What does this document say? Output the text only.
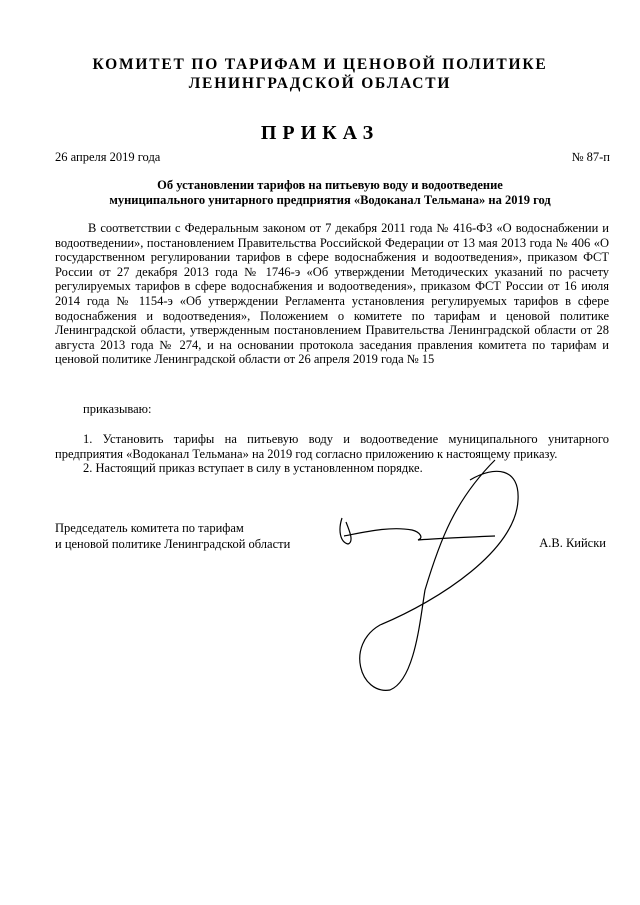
КОМИТЕТ ПО ТАРИФАМ И ЦЕНОВОЙ ПОЛИТИКЕ
ЛЕНИНГРАДСКОЙ ОБЛАСТИ
ПРИКАЗ
26 апреля 2019 года	№ 87-п
Об установлении тарифов на питьевую воду и водоотведение
муниципального унитарного предприятия «Водоканал Тельмана» на 2019 год
В соответствии с Федеральным законом от 7 декабря 2011 года № 416-ФЗ «О водоснабжении и водоотведении», постановлением Правительства Российской Федерации от 13 мая 2013 года № 406 «О государственном регулировании тарифов в сфере водоснабжения и водоотведения», приказом ФСТ России от 27 декабря 2013 года № 1746-э «Об утверждении Методических указаний по расчету регулируемых тарифов в сфере водоснабжения и водоотведения», приказом ФСТ России от 16 июля 2014 года № 1154-э «Об утверждении Регламента установления регулируемых тарифов в сфере водоснабжения и водоотведения», Положением о комитете по тарифам и ценовой политике Ленинградской области, утвержденным постановлением Правительства Ленинградской области от 28 августа 2013 года № 274, и на основании протокола заседания правления комитета по тарифам и ценовой политике Ленинградской области от 26 апреля 2019 года № 15
приказываю:

1. Установить тарифы на питьевую воду и водоотведение муниципального унитарного предприятия «Водоканал Тельмана» на 2019 год согласно приложению к настоящему приказу.

2. Настоящий приказ вступает в силу в установленном порядке.

Председатель комитета по тарифам
и ценовой политике Ленинградской области	А.В. Кийски
